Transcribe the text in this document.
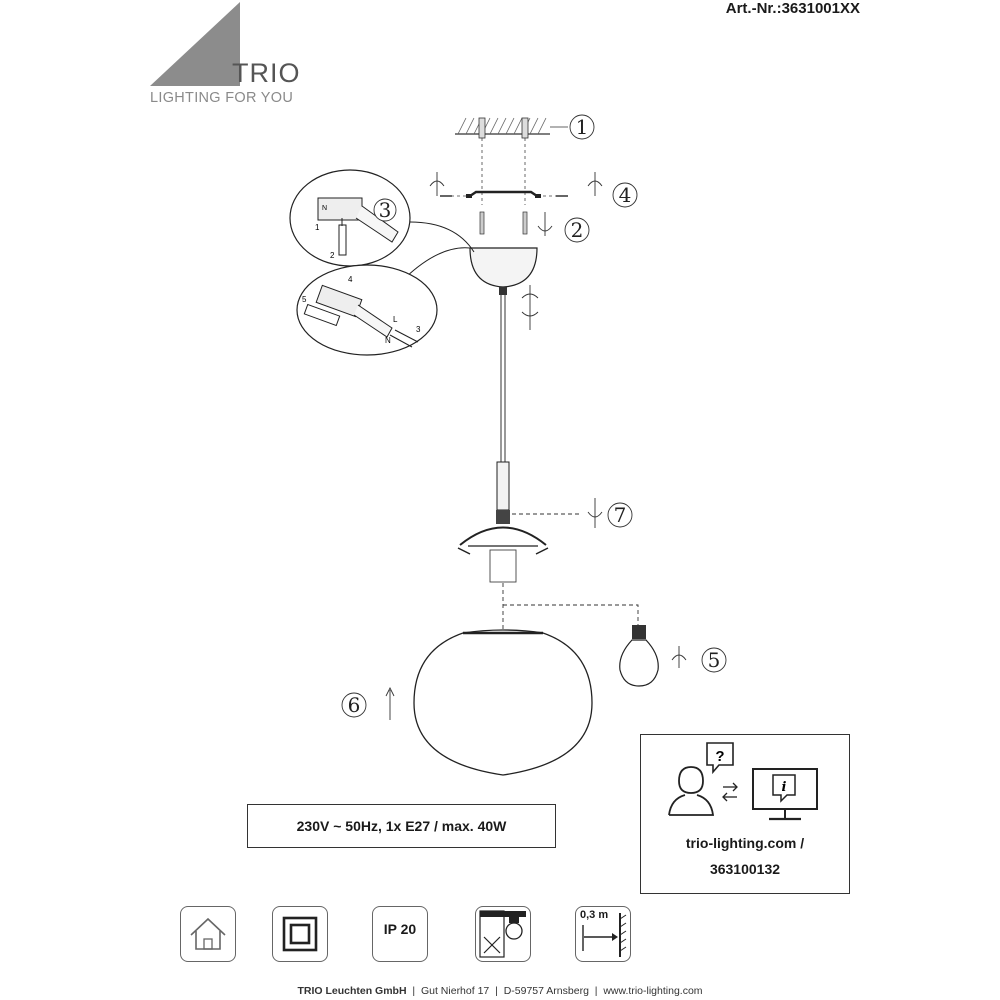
Art.-Nr.:3631001XX
1
4
2
1
2
N	3
4
5
L
N
3
7
5
6
TRIO
LIGHTING FOR YOU
230V ~ 50Hz, 1x E27 / max. 40W
?
i
trio-lighting.com /
363100132
IP 20
0,3 m
TRIO Leuchten GmbH | Gut Nierhof 17 | D-59757 Arnsberg | www.trio-lighting.com
